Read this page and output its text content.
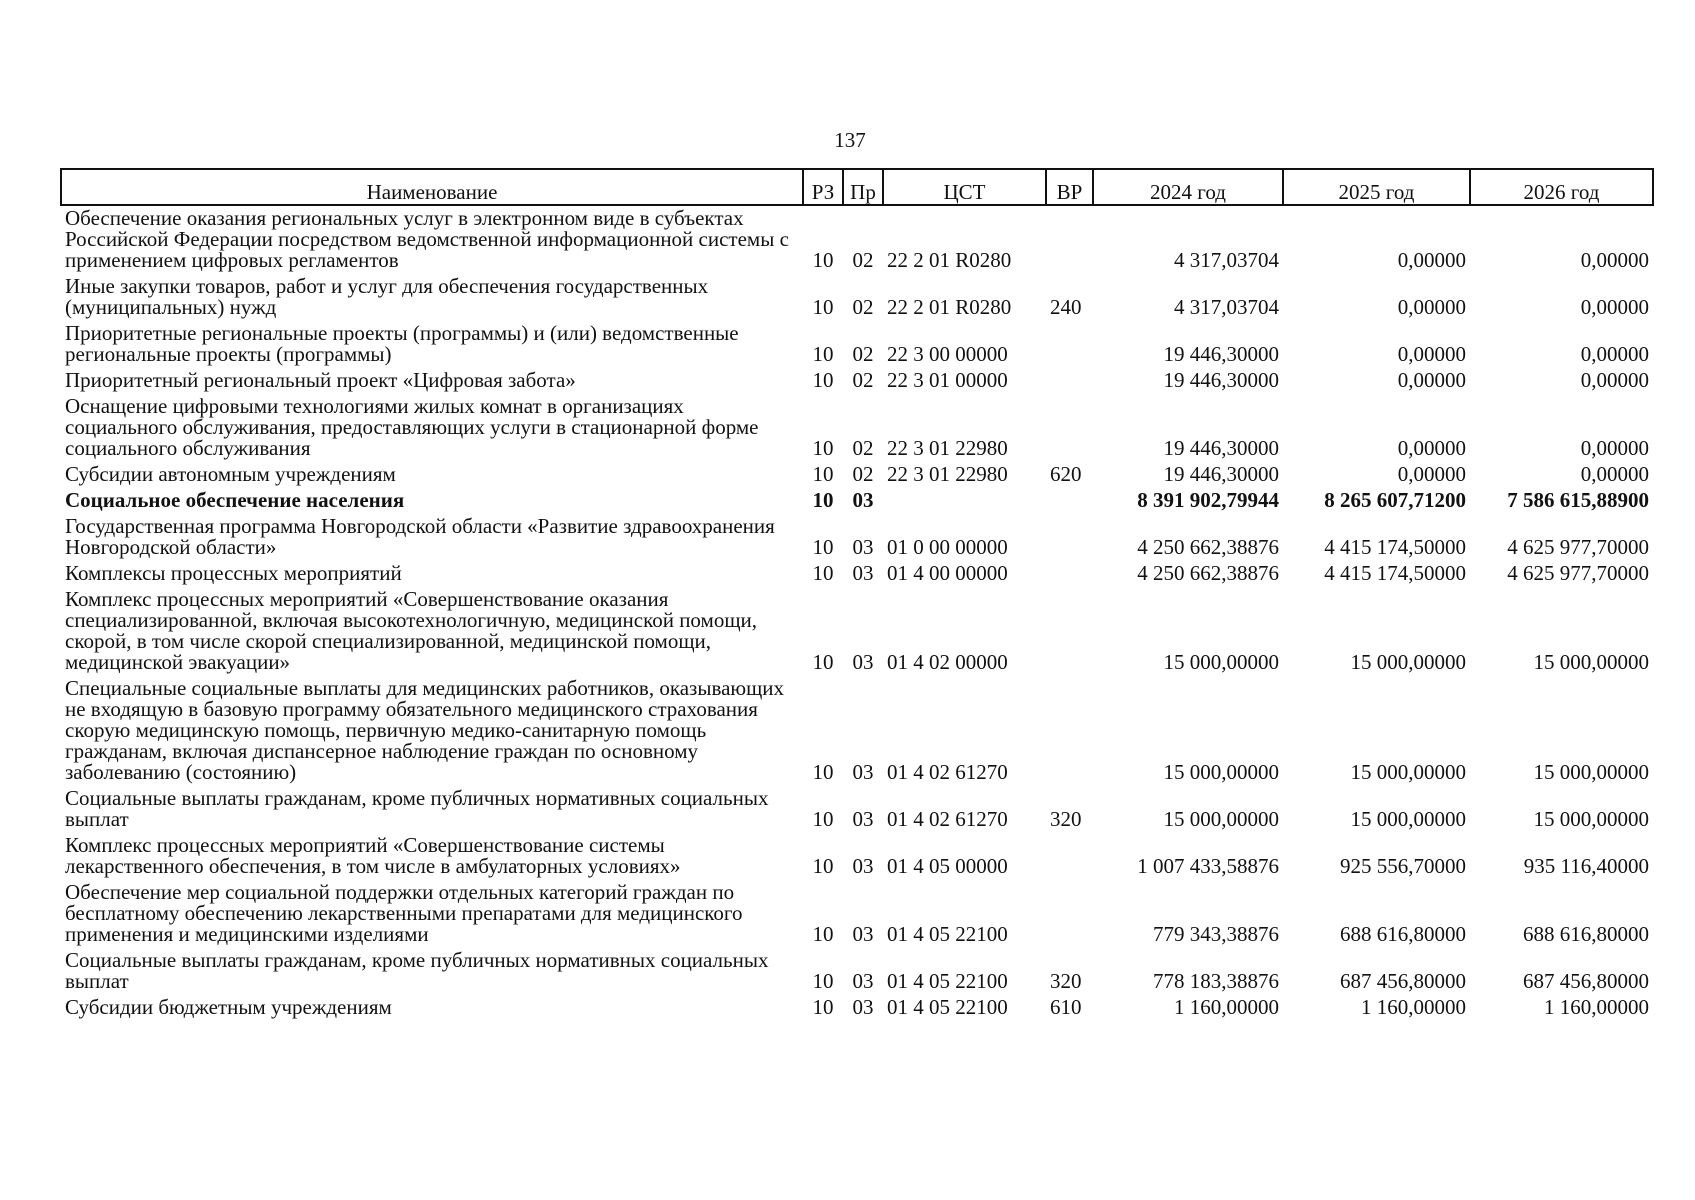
137
Наименование	РЗ	Пр	ЦСТ	ВР	2024 год	2025 год	2026 год
Обеспечение оказания региональных услуг в электронном виде в субъектах Российской Федерации посредством ведомственной информационной системы с применением цифровых регламентов	10	02	22 2 01 R0280		4 317,03704	0,00000	0,00000
Иные закупки товаров, работ и услуг для обеспечения государственных (муниципальных) нужд	10	02	22 2 01 R0280	240	4 317,03704	0,00000	0,00000
Приоритетные региональные проекты (программы) и (или) ведомственные региональные проекты (программы)	10	02	22 3 00 00000		19 446,30000	0,00000	0,00000
Приоритетный региональный проект «Цифровая забота»	10	02	22 3 01 00000		19 446,30000	0,00000	0,00000
Оснащение цифровыми технологиями жилых комнат в организациях социального обслуживания, предоставляющих услуги в стационарной форме социального обслуживания	10	02	22 3 01 22980		19 446,30000	0,00000	0,00000
Субсидии автономным учреждениям	10	02	22 3 01 22980	620	19 446,30000	0,00000	0,00000
Социальное обеспечение населения	10	03			8 391 902,79944	8 265 607,71200	7 586 615,88900
Государственная программа Новгородской области «Развитие здравоохранения Новгородской области»	10	03	01 0 00 00000		4 250 662,38876	4 415 174,50000	4 625 977,70000
Комплексы процессных мероприятий	10	03	01 4 00 00000		4 250 662,38876	4 415 174,50000	4 625 977,70000
Комплекс процессных мероприятий «Совершенствование оказания специализированной, включая высокотехнологичную, медицинской помощи, скорой, в том числе скорой специализированной, медицинской помощи, медицинской эвакуации»	10	03	01 4 02 00000		15 000,00000	15 000,00000	15 000,00000
Специальные социальные выплаты для медицинских работников, оказывающих не входящую в базовую программу обязательного медицинского страхования скорую медицинскую помощь, первичную медико-санитарную помощь гражданам, включая диспансерное наблюдение граждан по основному заболеванию (состоянию)	10	03	01 4 02 61270		15 000,00000	15 000,00000	15 000,00000
Социальные выплаты гражданам, кроме публичных нормативных социальных выплат	10	03	01 4 02 61270	320	15 000,00000	15 000,00000	15 000,00000
Комплекс процессных мероприятий «Совершенствование системы лекарственного обеспечения, в том числе в амбулаторных условиях»	10	03	01 4 05 00000		1 007 433,58876	925 556,70000	935 116,40000
Обеспечение мер социальной поддержки отдельных категорий граждан по бесплатному обеспечению лекарственными препаратами для медицинского применения и медицинскими изделиями	10	03	01 4 05 22100		779 343,38876	688 616,80000	688 616,80000
Социальные выплаты гражданам, кроме публичных нормативных социальных выплат	10	03	01 4 05 22100	320	778 183,38876	687 456,80000	687 456,80000
Субсидии бюджетным учреждениям	10	03	01 4 05 22100	610	1 160,00000	1 160,00000	1 160,00000
